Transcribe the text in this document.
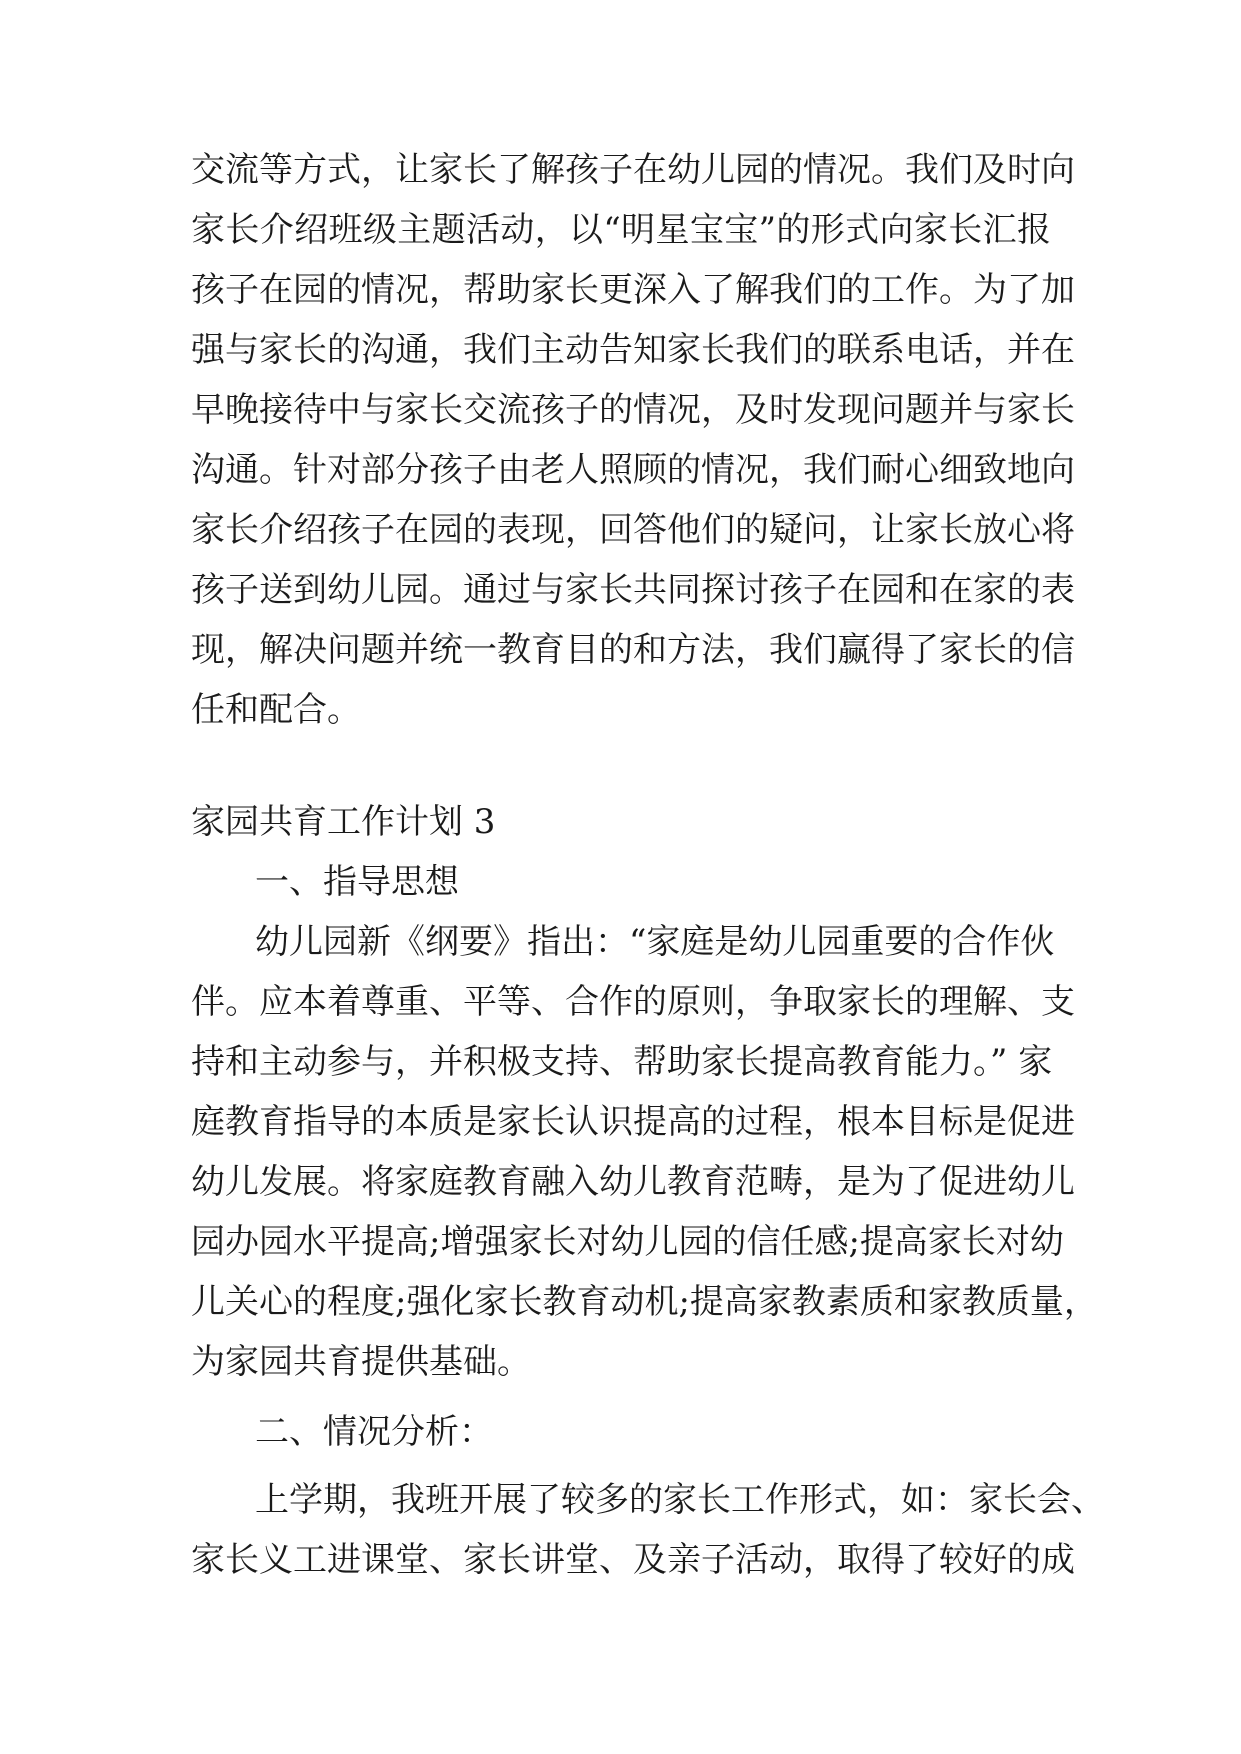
交流等方式，让家长了解孩子在幼儿园的情况。我们及时向
家长介绍班级主题活动，以“明星宝宝”的形式向家长汇报
孩子在园的情况，帮助家长更深入了解我们的工作。为了加
强与家长的沟通，我们主动告知家长我们的联系电话，并在
早晚接待中与家长交流孩子的情况，及时发现问题并与家长
沟通。针对部分孩子由老人照顾的情况，我们耐心细致地向
家长介绍孩子在园的表现，回答他们的疑问，让家长放心将
孩子送到幼儿园。通过与家长共同探讨孩子在园和在家的表
现，解决问题并统一教育目的和方法，我们赢得了家长的信
任和配合。
家园共育工作计划 3
一、指导思想
幼儿园新《纲要》指出：“家庭是幼儿园重要的合作伙
伴。应本着尊重、平等、合作的原则，争取家长的理解、支
持和主动参与，并积极支持、帮助家长提高教育能力。” 家
庭教育指导的本质是家长认识提高的过程，根本目标是促进
幼儿发展。将家庭教育融入幼儿教育范畴，是为了促进幼儿
园办园水平提高;增强家长对幼儿园的信任感;提高家长对幼
儿关心的程度;强化家长教育动机;提高家教素质和家教质量，
为家园共育提供基础。
二、情况分析：
上学期，我班开展了较多的家长工作形式，如：家长会、
家长义工进课堂、家长讲堂、及亲子活动，取得了较好的成
